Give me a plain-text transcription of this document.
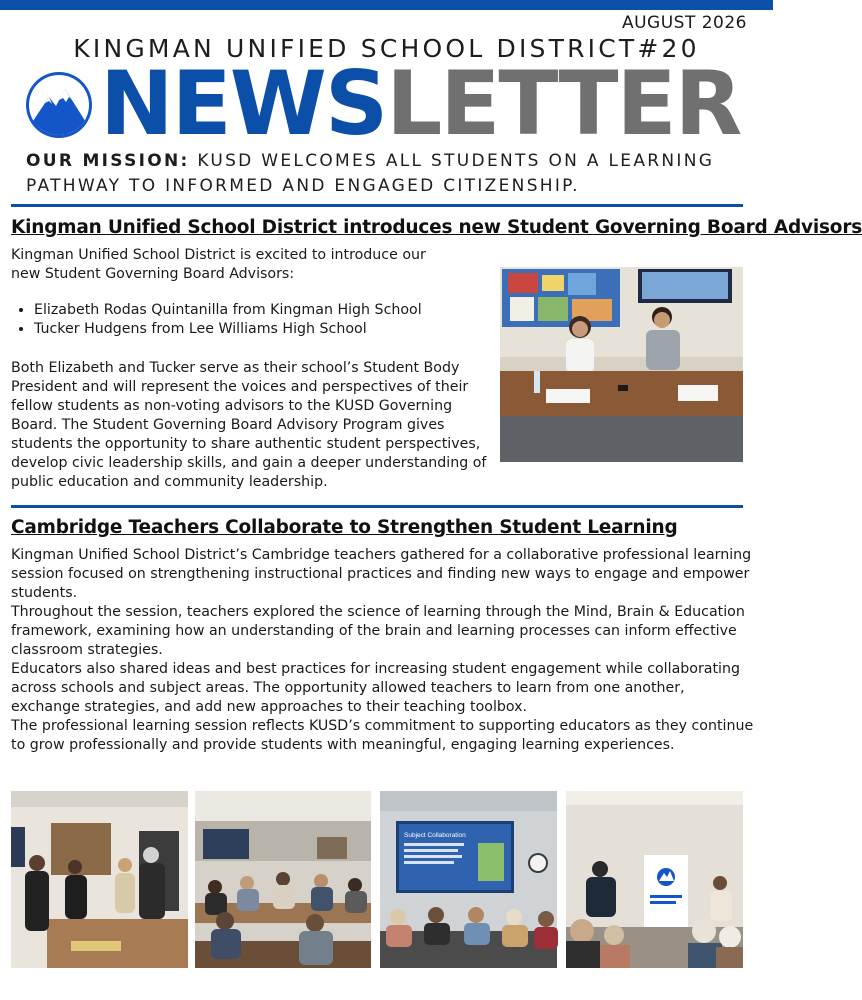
AUGUST 2026
KINGMAN UNIFIED SCHOOL DISTRICT#20
NEWSLETTER
OUR MISSION: KUSD WELCOMES ALL STUDENTS ON A LEARNING PATHWAY TO INFORMED AND ENGAGED CITIZENSHIP.
Kingman Unified School District introduces new Student Governing Board Advisors

Kingman Unified School District is excited to introduce our new Student Governing Board Advisors:

• Elizabeth Rodas Quintanilla from Kingman High School
• Tucker Hudgens from Lee Williams High School

Both Elizabeth and Tucker serve as their school’s Student Body President and will represent the voices and perspectives of their fellow students as non-voting advisors to the KUSD Governing Board. The Student Governing Board Advisory Program gives students the opportunity to share authentic student perspectives, develop civic leadership skills, and gain a deeper understanding of public education and community leadership.

Cambridge Teachers Collaborate to Strengthen Student Learning

Kingman Unified School District’s Cambridge teachers gathered for a collaborative professional learning session focused on strengthening instructional practices and finding new ways to engage and empower students.

Throughout the session, teachers explored the science of learning through the Mind, Brain & Education framework, examining how an understanding of the brain and learning processes can inform effective classroom strategies.

Educators also shared ideas and best practices for increasing student engagement while collaborating across schools and subject areas. The opportunity allowed teachers to learn from one another, exchange strategies, and add new approaches to their teaching toolbox.

The professional learning session reflects KUSD’s commitment to supporting educators as they continue to grow professionally and provide students with meaningful, engaging learning experiences.

Subject Collaboration
